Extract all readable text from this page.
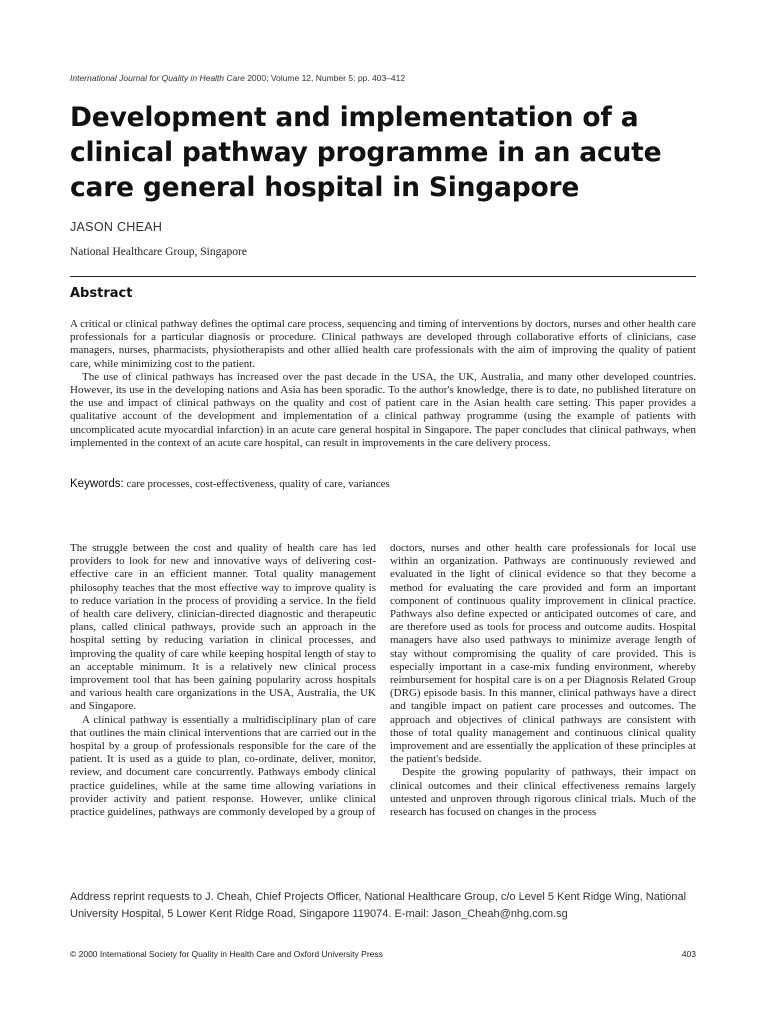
International Journal for Quality in Health Care 2000; Volume 12, Number 5: pp. 403–412
Development and implementation of a clinical pathway programme in an acute care general hospital in Singapore
JASON CHEAH
National Healthcare Group, Singapore
Abstract

A critical or clinical pathway defines the optimal care process, sequencing and timing of interventions by doctors, nurses and other health care professionals for a particular diagnosis or procedure. Clinical pathways are developed through collaborative efforts of clinicians, case managers, nurses, pharmacists, physiotherapists and other allied health care professionals with the aim of improving the quality of patient care, while minimizing cost to the patient.

The use of clinical pathways has increased over the past decade in the USA, the UK, Australia, and many other developed countries. However, its use in the developing nations and Asia has been sporadic. To the author's knowledge, there is to date, no published literature on the use and impact of clinical pathways on the quality and cost of patient care in the Asian health care setting. This paper provides a qualitative account of the development and implementation of a clinical pathway programme (using the example of patients with uncomplicated acute myocardial infarction) in an acute care general hospital in Singapore. The paper concludes that clinical pathways, when implemented in the context of an acute care hospital, can result in improvements in the care delivery process.

Keywords: care processes, cost-effectiveness, quality of care, variances

The struggle between the cost and quality of health care has led providers to look for new and innovative ways of delivering cost-effective care in an efficient manner. Total quality management philosophy teaches that the most effective way to improve quality is to reduce variation in the process of providing a service. In the field of health care delivery, clinician-directed diagnostic and therapeutic plans, called clinical pathways, provide such an approach in the hospital setting by reducing variation in clinical processes, and improving the quality of care while keeping hospital length of stay to an acceptable minimum. It is a relatively new clinical process improvement tool that has been gaining popularity across hospitals and various health care organizations in the USA, Australia, the UK and Singapore.

A clinical pathway is essentially a multidisciplinary plan of care that outlines the main clinical interventions that are carried out in the hospital by a group of professionals responsible for the care of the patient. It is used as a guide to plan, co-ordinate, deliver, monitor, review, and document care concurrently. Pathways embody clinical practice guidelines, while at the same time allowing variations in provider activity and patient response. However, unlike clinical practice guidelines, pathways are commonly developed by a group of

doctors, nurses and other health care professionals for local use within an organization. Pathways are continuously reviewed and evaluated in the light of clinical evidence so that they become a method for evaluating the care provided and form an important component of continuous quality improvement in clinical practice. Pathways also define expected or anticipated outcomes of care, and are therefore used as tools for process and outcome audits. Hospital managers have also used pathways to minimize average length of stay without compromising the quality of care provided. This is especially important in a case-mix funding environment, whereby reimbursement for hospital care is on a per Diagnosis Related Group (DRG) episode basis. In this manner, clinical pathways have a direct and tangible impact on patient care processes and outcomes. The approach and objectives of clinical pathways are consistent with those of total quality management and continuous clinical quality improvement and are essentially the application of these principles at the patient's bedside.

Despite the growing popularity of pathways, their impact on clinical outcomes and their clinical effectiveness remains largely untested and unproven through rigorous clinical trials. Much of the research has focused on changes in the process

Address reprint requests to J. Cheah, Chief Projects Officer, National Healthcare Group, c/o Level 5 Kent Ridge Wing, National University Hospital, 5 Lower Kent Ridge Road, Singapore 119074. E-mail: Jason_Cheah@nhg.com.sg
© 2000 International Society for Quality in Health Care and Oxford University Press	403
